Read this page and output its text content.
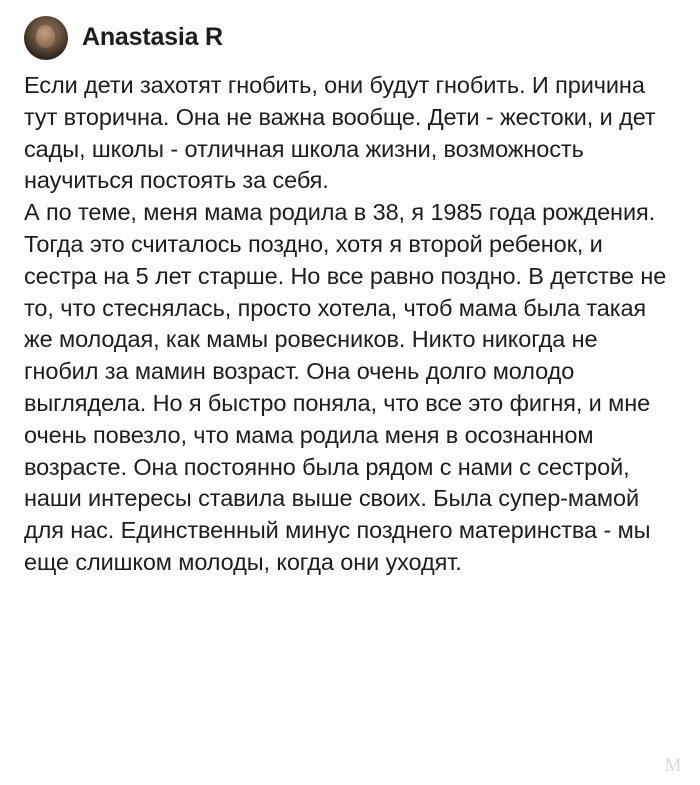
Anastasia R

Если дети захотят гнобить, они будут гнобить. И причина тут вторична. Она не важна вообще. Дети - жестоки, и дет сады, школы - отличная школа жизни, возможность научиться постоять за себя.

А по теме, меня мама родила в 38, я 1985 года рождения. Тогда это считалось поздно, хотя я второй ребенок, и сестра на 5 лет старше. Но все равно поздно. В детстве не то, что стеснялась, просто хотела, чтоб мама была такая же молодая, как мамы ровесников. Никто никогда не гнобил за мамин возраст. Она очень долго молодо выглядела. Но я быстро поняла, что все это фигня, и мне очень повезло, что мама родила меня в осознанном возрасте. Она постоянно была рядом с нами с сестрой, наши интересы ставила выше своих. Была супер-мамой для нас. Единственный минус позднего материнства - мы еще слишком молоды, когда они уходят.

M
